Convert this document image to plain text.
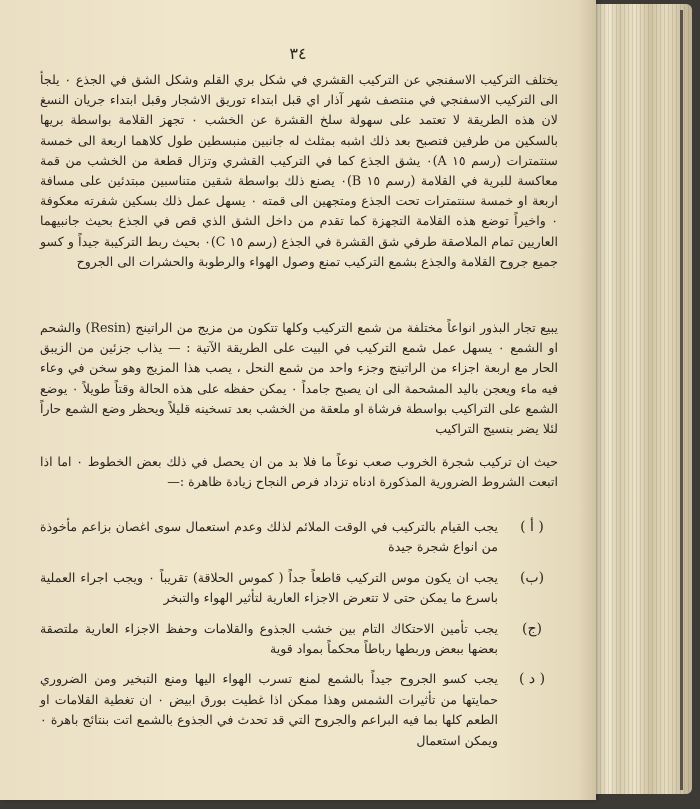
٣٤

يختلف التركيب الاسفنجي عن التركيب القشري في شكل بري القلم وشكل الشق في الجذع ٠ يلجأ الى التركيب الاسفنجي في منتصف شهر آذار اي قبل ابتداء توريق الاشجار وقبل ابتداء جريان النسغ لان هذه الطريقة لا تعتمد على سهولة سلخ القشرة عن الخشب ٠ تجهز القلامة بواسطة بريها بالسكين من طرفين فتصبح بعد ذلك اشبه بمثلث له جانبين منبسطين طول كلاهما اربعة الى خمسة سنتمترات (رسم ١٥ A)٠ يشق الجذع كما في التركيب القشري وتزال قطعة من الخشب من قمة معاكسة للبرية في القلامة (رسم ١٥ B)٠ يصنع ذلك بواسطة شقين متناسبين مبتدئين على مسافة اربعة او خمسة سنتمترات تحت الجذع ومتجهين الى قمته ٠ يسهل عمل ذلك بسكين شفرته معكوفة ٠ واخيراً توضع هذه القلامة التجهزة كما تقدم من داخل الشق الذي قص في الجذع بحيث جانبيهما العاريين تمام الملاصقة طرفي شق القشرة في الجذع (رسم ١٥ C)٠ بحيث ربط التركيبة جيداً و كسو جميع جروح القلامة والجذع بشمع التركيب تمنع وصول الهواء والرطوبة والحشرات الى الجروح

يبيع تجار البذور انواعاً مختلفة من شمع التركيب وكلها تتكون من مزيج من الراتينج (Resin) والشحم او الشمع ٠ يسهل عمل شمع التركيب في البيت على الطريقة الآتية : — يذاب جزئين من الزيبق الحار مع اربعة اجزاء من الراتينج وجزء واحد من شمع النحل ، يصب هذا المزيج وهو سخن في وعاء فيه ماء ويعجن باليد المشحمة الى ان يصبح جامداً ٠ يمكن حفظه على هذه الحالة وقتاً طويلاً ٠ يوضع الشمع على التراكيب بواسطة فرشاة او ملعقة من الخشب بعد تسخينه قليلاً ويحظر وضع الشمع حاراً لئلا يضر بنسيج التراكيب

حيث ان تركيب شجرة الخروب صعب نوعاً ما فلا بد من ان يحصل في ذلك بعض الخطوط ٠ اما اذا اتبعت الشروط الضرورية المذكورة ادناه تزداد فرص النجاح زيادة ظاهرة :—

( أ )
يجب القيام بالتركيب في الوقت الملائم لذلك وعدم استعمال سوى اغصان بزاعم مأخوذة من انواع شجرة جيدة
(ب)
يجب ان يكون موس التركيب قاطعاً جداً ( كموس الحلاقة) تقريباً ٠ ويجب اجراء العملية باسرع ما يمكن حتى لا تتعرض الاجزاء العارية لتأثير الهواء والتبخر
(ج)
يجب تأمين الاحتكاك التام بين خشب الجذوع والقلامات وحفظ الاجزاء العارية ملتصقة بعضها ببعض وربطها رباطاً محكماً بمواد قوية
( د )
يجب كسو الجروح جيداً بالشمع لمنع تسرب الهواء اليها ومنع التبخير ومن الضروري حمايتها من تأثيرات الشمس وهذا ممكن اذا غطيت بورق ابيض ٠ ان تغطية القلامات او الطعم كلها بما فيه البراعم والجروح التي قد تحدث في الجذوع بالشمع اتت بنتائج باهرة ٠ ويمكن استعمال
